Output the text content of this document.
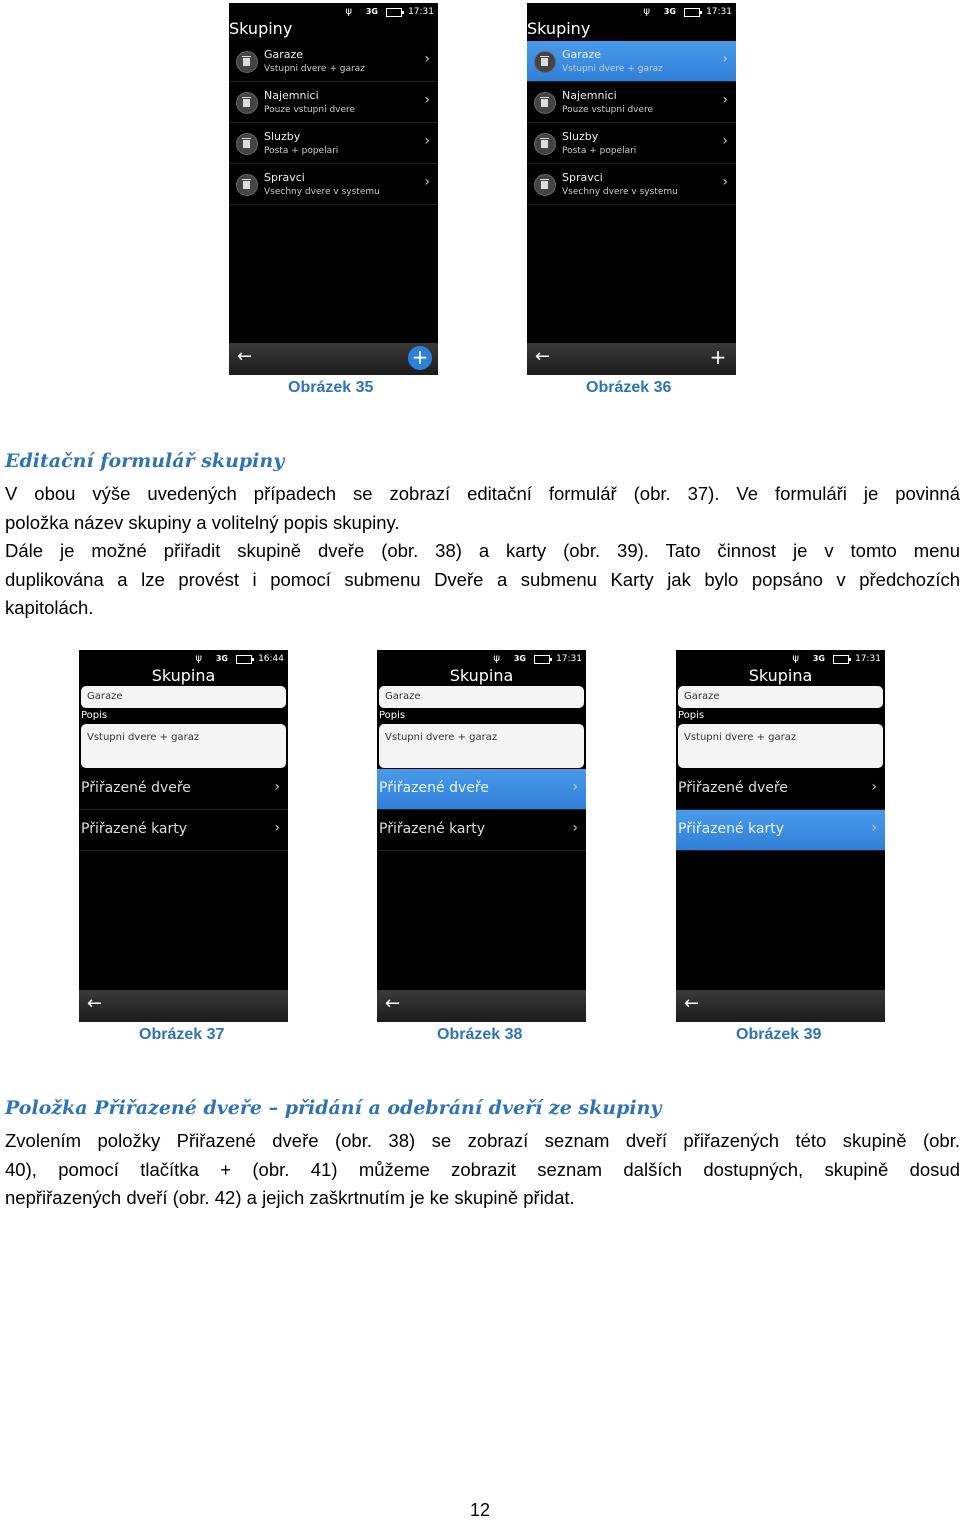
ψ 3G	17:31
Skupiny
Garaze
Vstupni dvere + garaz
›
Najemnici
Pouze vstupni dvere
›
Sluzby
Posta + popelari
›
Spravci
Vsechny dvere v systemu
›
←	+
ψ 3G	17:31
Skupiny
Garaze
Vstupni dvere + garaz
›
Najemnici
Pouze vstupni dvere
›
Sluzby
Posta + popelari
›
Spravci
Vsechny dvere v systemu
›
←	+
Obrázek 35	Obrázek 36
Editační formulář skupiny
V obou výše uvedených případech se zobrazí editační formulář (obr. 37). Ve formuláři je povinná
položka název skupiny a volitelný popis skupiny.
Dále je možné přiřadit skupině dveře (obr. 38) a karty (obr. 39). Tato činnost je v tomto menu
duplikována a lze provést i pomocí submenu Dveře a submenu Karty jak bylo popsáno v předchozích
kapitolách.
ψ 3G	16:44
Skupina
Garaze
Popis
Vstupni dvere + garaz
Přiřazené dveře	›
Přiřazené karty	›
←
ψ 3G	17:31
Skupina
Garaze
Popis
Vstupni dvere + garaz
Přiřazené dveře	›
Přiřazené karty	›
←
ψ 3G	17:31
Skupina
Garaze
Popis
Vstupni dvere + garaz
Přiřazené dveře	›
Přiřazené karty	›
←
Obrázek 37	Obrázek 38	Obrázek 39
Položka Přiřazené dveře – přidání a odebrání dveří ze skupiny
Zvolením položky Přiřazené dveře (obr. 38) se zobrazí seznam dveří přiřazených této skupině (obr.
40), pomocí tlačítka + (obr. 41) můžeme zobrazit seznam dalších dostupných, skupině dosud
nepřiřazených dveří (obr. 42) a jejich zaškrtnutím je ke skupině přidat.
12
